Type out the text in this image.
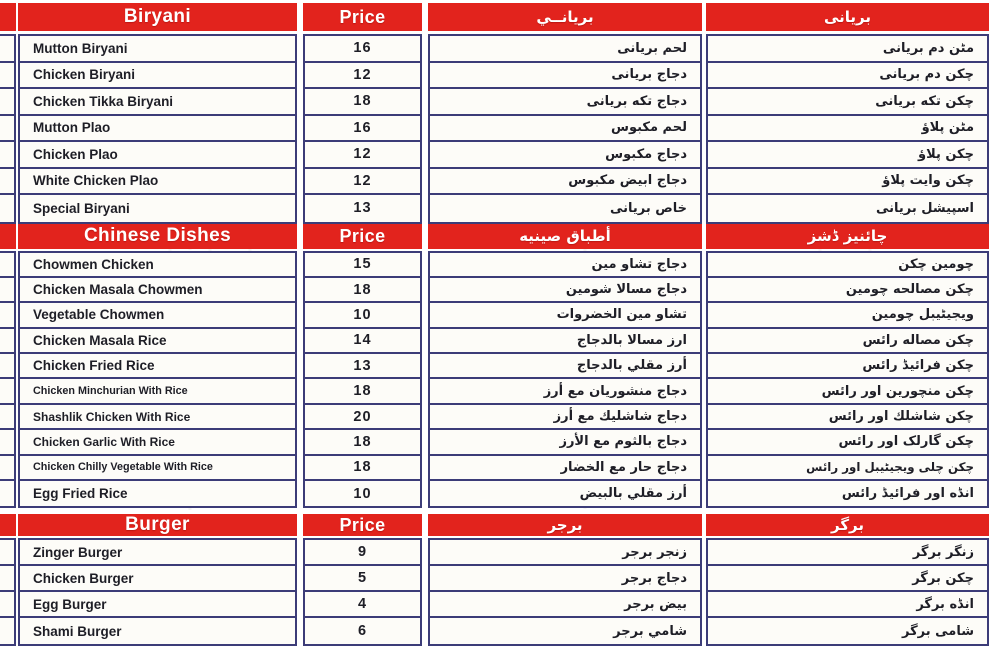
Biryani
Mutton Biryani
Chicken Biryani
Chicken Tikka Biryani
Mutton Plao
Chicken Plao
White Chicken Plao
Special Biryani
Chinese Dishes
Chowmen Chicken
Chicken Masala Chowmen
Vegetable Chowmen
Chicken Masala Rice
Chicken Fried Rice
Chicken Minchurian With Rice
Shashlik Chicken With Rice
Chicken Garlic With Rice
Chicken Chilly Vegetable With Rice
Egg Fried Rice
Burger
Zinger Burger
Chicken Burger
Egg Burger
Shami Burger
Price
16
12
18
16
12
12
13
Price
15
18
10
14
13
18
20
18
18
10
Price
9
5
4
6
بريانــي
لحم بريانى
دجاج بريانى
دجاج تكه بريانى
لحم مكبوس
دجاج مكبوس
دجاج ابيض مكبوس
خاص بريانى
أطباق صينيه
دجاج تشاو مين
دجاج مسالا شومين
تشاو مين الخضروات
ارز مسالا بالدجاج
أرز مقلي بالدجاج
دجاج منشوريان مع أرز
دجاج شاشليك مع أرز
دجاج بالثوم مع الأرز
دجاج حار مع الخضار
أرز مقلي بالبيض
برجر
زنجر برجر
دجاج برجر
بيض برجر
شامي برجر
بریانی
مٹن دم بریانی
چکن دم بریانی
چکن تکه بریانی
مٹن پلاؤ
چکن پلاؤ
چکن وایت پلاؤ
اسپیشل بریانی
چائنیز ڈشز
چومین چکن
چکن مصالحه چومین
ویجیٹیبل چومین
چکن مصاله رائس
چکن فرائیڈ رائس
چکن منچورین اور رائس
چکن شاشلك اور رائس
چکن گارلک اور رائس
چکن چلی ویجیٹیبل اور رائس
انڈه اور فرائیڈ رائس
برگر
زنگر برگر
چکن برگر
انڈه برگر
شامی برگر
